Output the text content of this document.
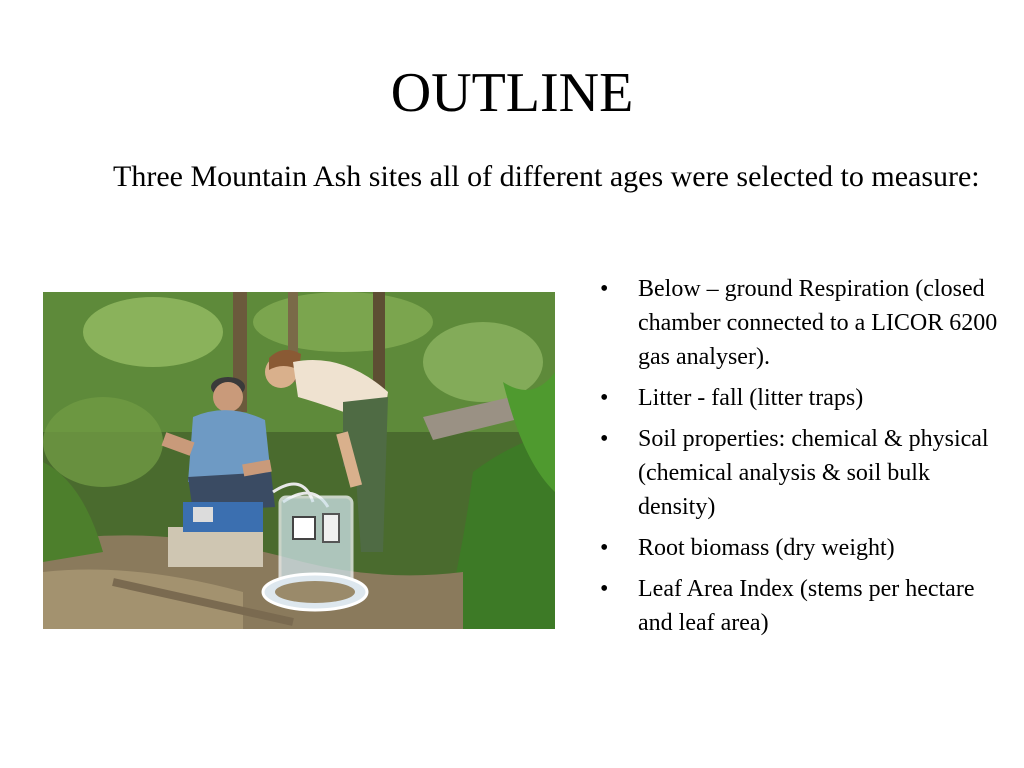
OUTLINE
Three Mountain Ash sites all of different ages were selected to measure:
• Below – ground Respiration (closed chamber connected to a LICOR 6200 gas analyser).
• Litter - fall (litter traps)
• Soil properties: chemical & physical (chemical analysis & soil bulk density)
• Root biomass (dry weight)
• Leaf Area Index (stems per hectare and leaf area)
